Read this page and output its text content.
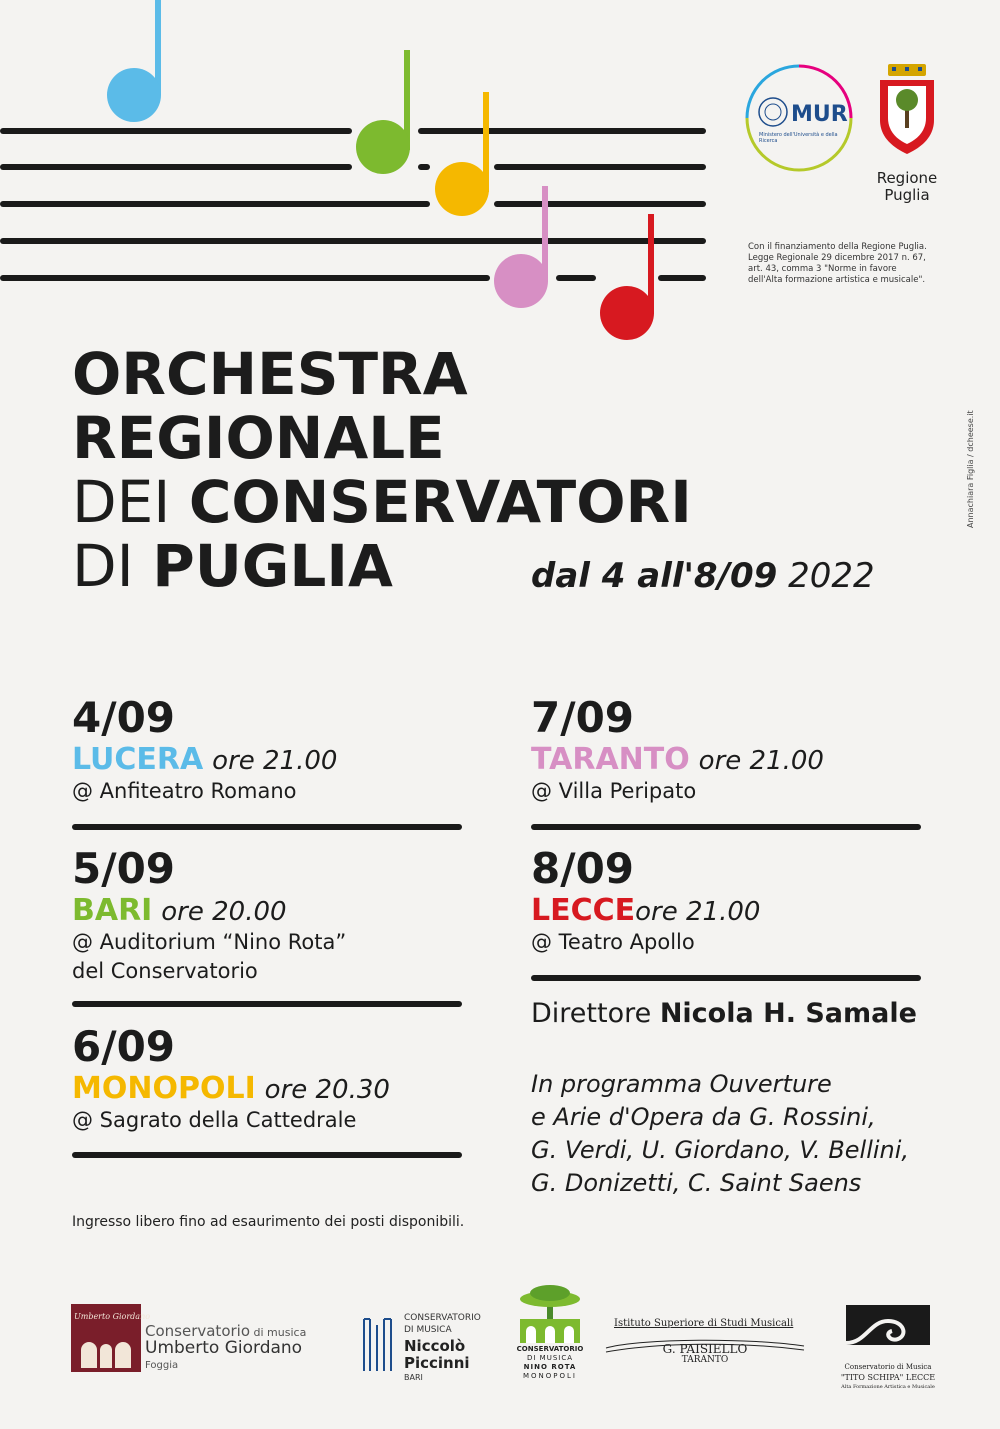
MUR
Ministero dell'Università e della Ricerca
Regione Puglia
Con il finanziamento della Regione Puglia. Legge Regionale 29 dicembre 2017 n. 67, art. 43, comma 3 "Norme in favore dell'Alta formazione artistica e musicale".
Annachiara Figlia / dcheese.it
ORCHESTRA
REGIONALE
DEI CONSERVATORI
DI PUGLIA	dal 4 all'8/09 2022
4/09
LUCERA ore 21.00
@ Anfiteatro Romano
5/09
BARI ore 20.00
@ Auditorium “Nino Rota”
del Conservatorio
6/09
MONOPOLI ore 20.30
@ Sagrato della Cattedrale
7/09
TARANTO ore 21.00
@ Villa Peripato
8/09
LECCEore 21.00
@ Teatro Apollo
Direttore Nicola H. Samale
In programma Ouverture
e Arie d'Opera da G. Rossini,
G. Verdi, U. Giordano, V. Bellini,
G. Donizetti, C. Saint Saens
Ingresso libero fino ad esaurimento dei posti disponibili.
Umberto Giordano
Conservatorio di musica
Umberto Giordano
Foggia
CONSERVATORIO
DI MUSICA
Niccolò
Piccinni
BARI
CONSERVATORIO
DI MUSICA
NINO ROTA
MONOPOLI
Istituto Superiore di Studi Musicali
G. PAISIELLO
TARANTO
Conservatorio di Musica
"TITO SCHIPA" LECCE
Alta Formazione Artistica e Musicale
